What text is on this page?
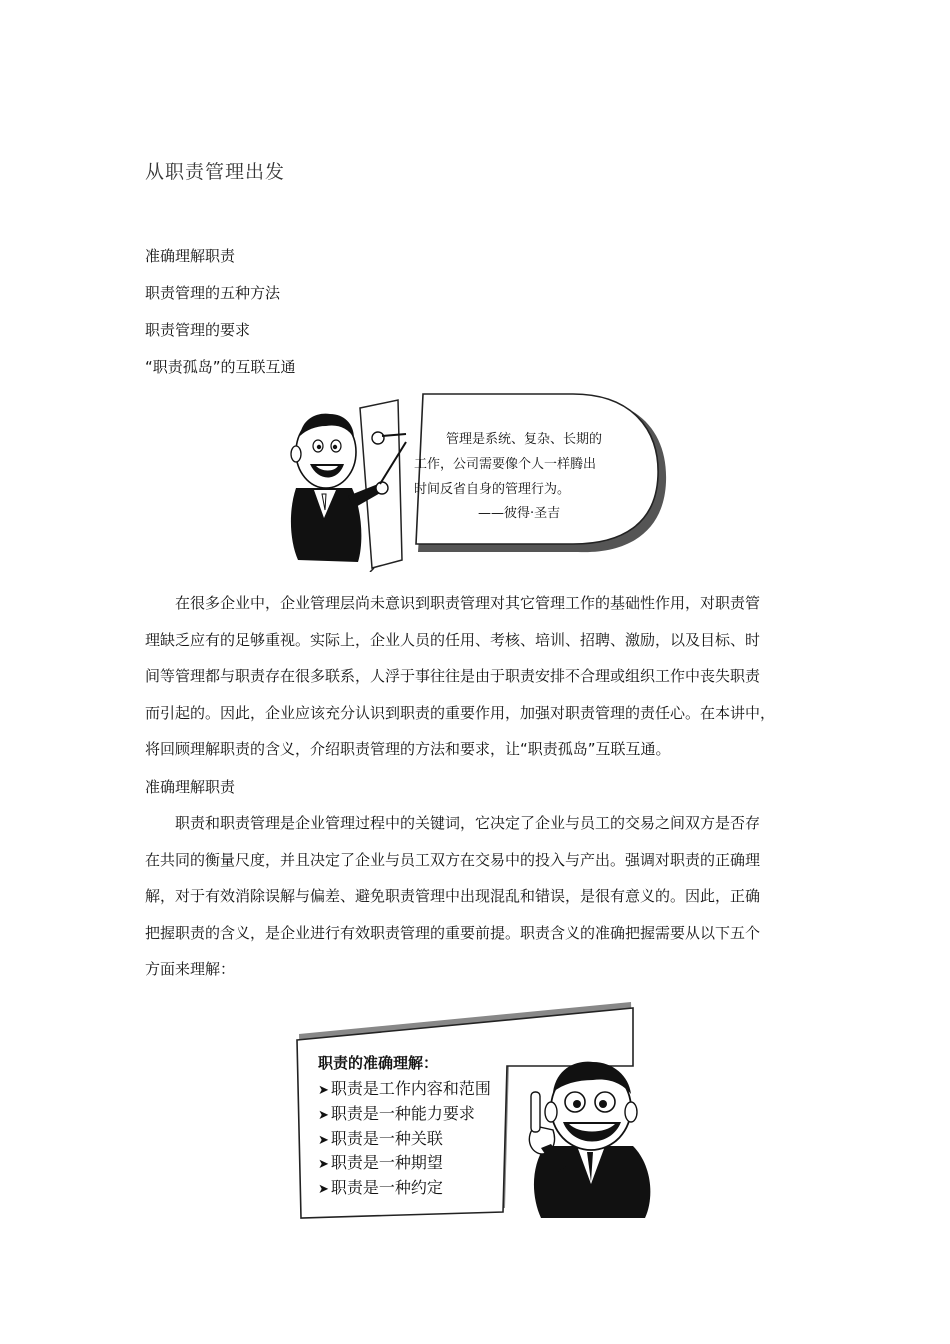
从职责管理出发
准确理解职责
职责管理的五种方法
职责管理的要求
“职责孤岛”的互联互通
管理是系统、复杂、长期的
工作，公司需要像个人一样腾出
时间反省自身的管理行为。
——彼得·圣吉

在很多企业中，企业管理层尚未意识到职责管理对其它管理工作的基础性作用，对职责管
理缺乏应有的足够重视。实际上，企业人员的任用、考核、培训、招聘、激励，以及目标、时
间等管理都与职责存在很多联系，人浮于事往往是由于职责安排不合理或组织工作中丧失职责
而引起的。因此，企业应该充分认识到职责的重要作用，加强对职责管理的责任心。在本讲中，
将回顾理解职责的含义，介绍职责管理的方法和要求，让“职责孤岛”互联互通。

准确理解职责

职责和职责管理是企业管理过程中的关键词，它决定了企业与员工的交易之间双方是否存
在共同的衡量尺度，并且决定了企业与员工双方在交易中的投入与产出。强调对职责的正确理
解，对于有效消除误解与偏差、避免职责管理中出现混乱和错误，是很有意义的。因此，正确
把握职责的含义，是企业进行有效职责管理的重要前提。职责含义的准确把握需要从以下五个
方面来理解：

职责的准确理解：
➤ 职责是工作内容和范围
➤ 职责是一种能力要求
➤ 职责是一种关联
➤ 职责是一种期望
➤ 职责是一种约定
